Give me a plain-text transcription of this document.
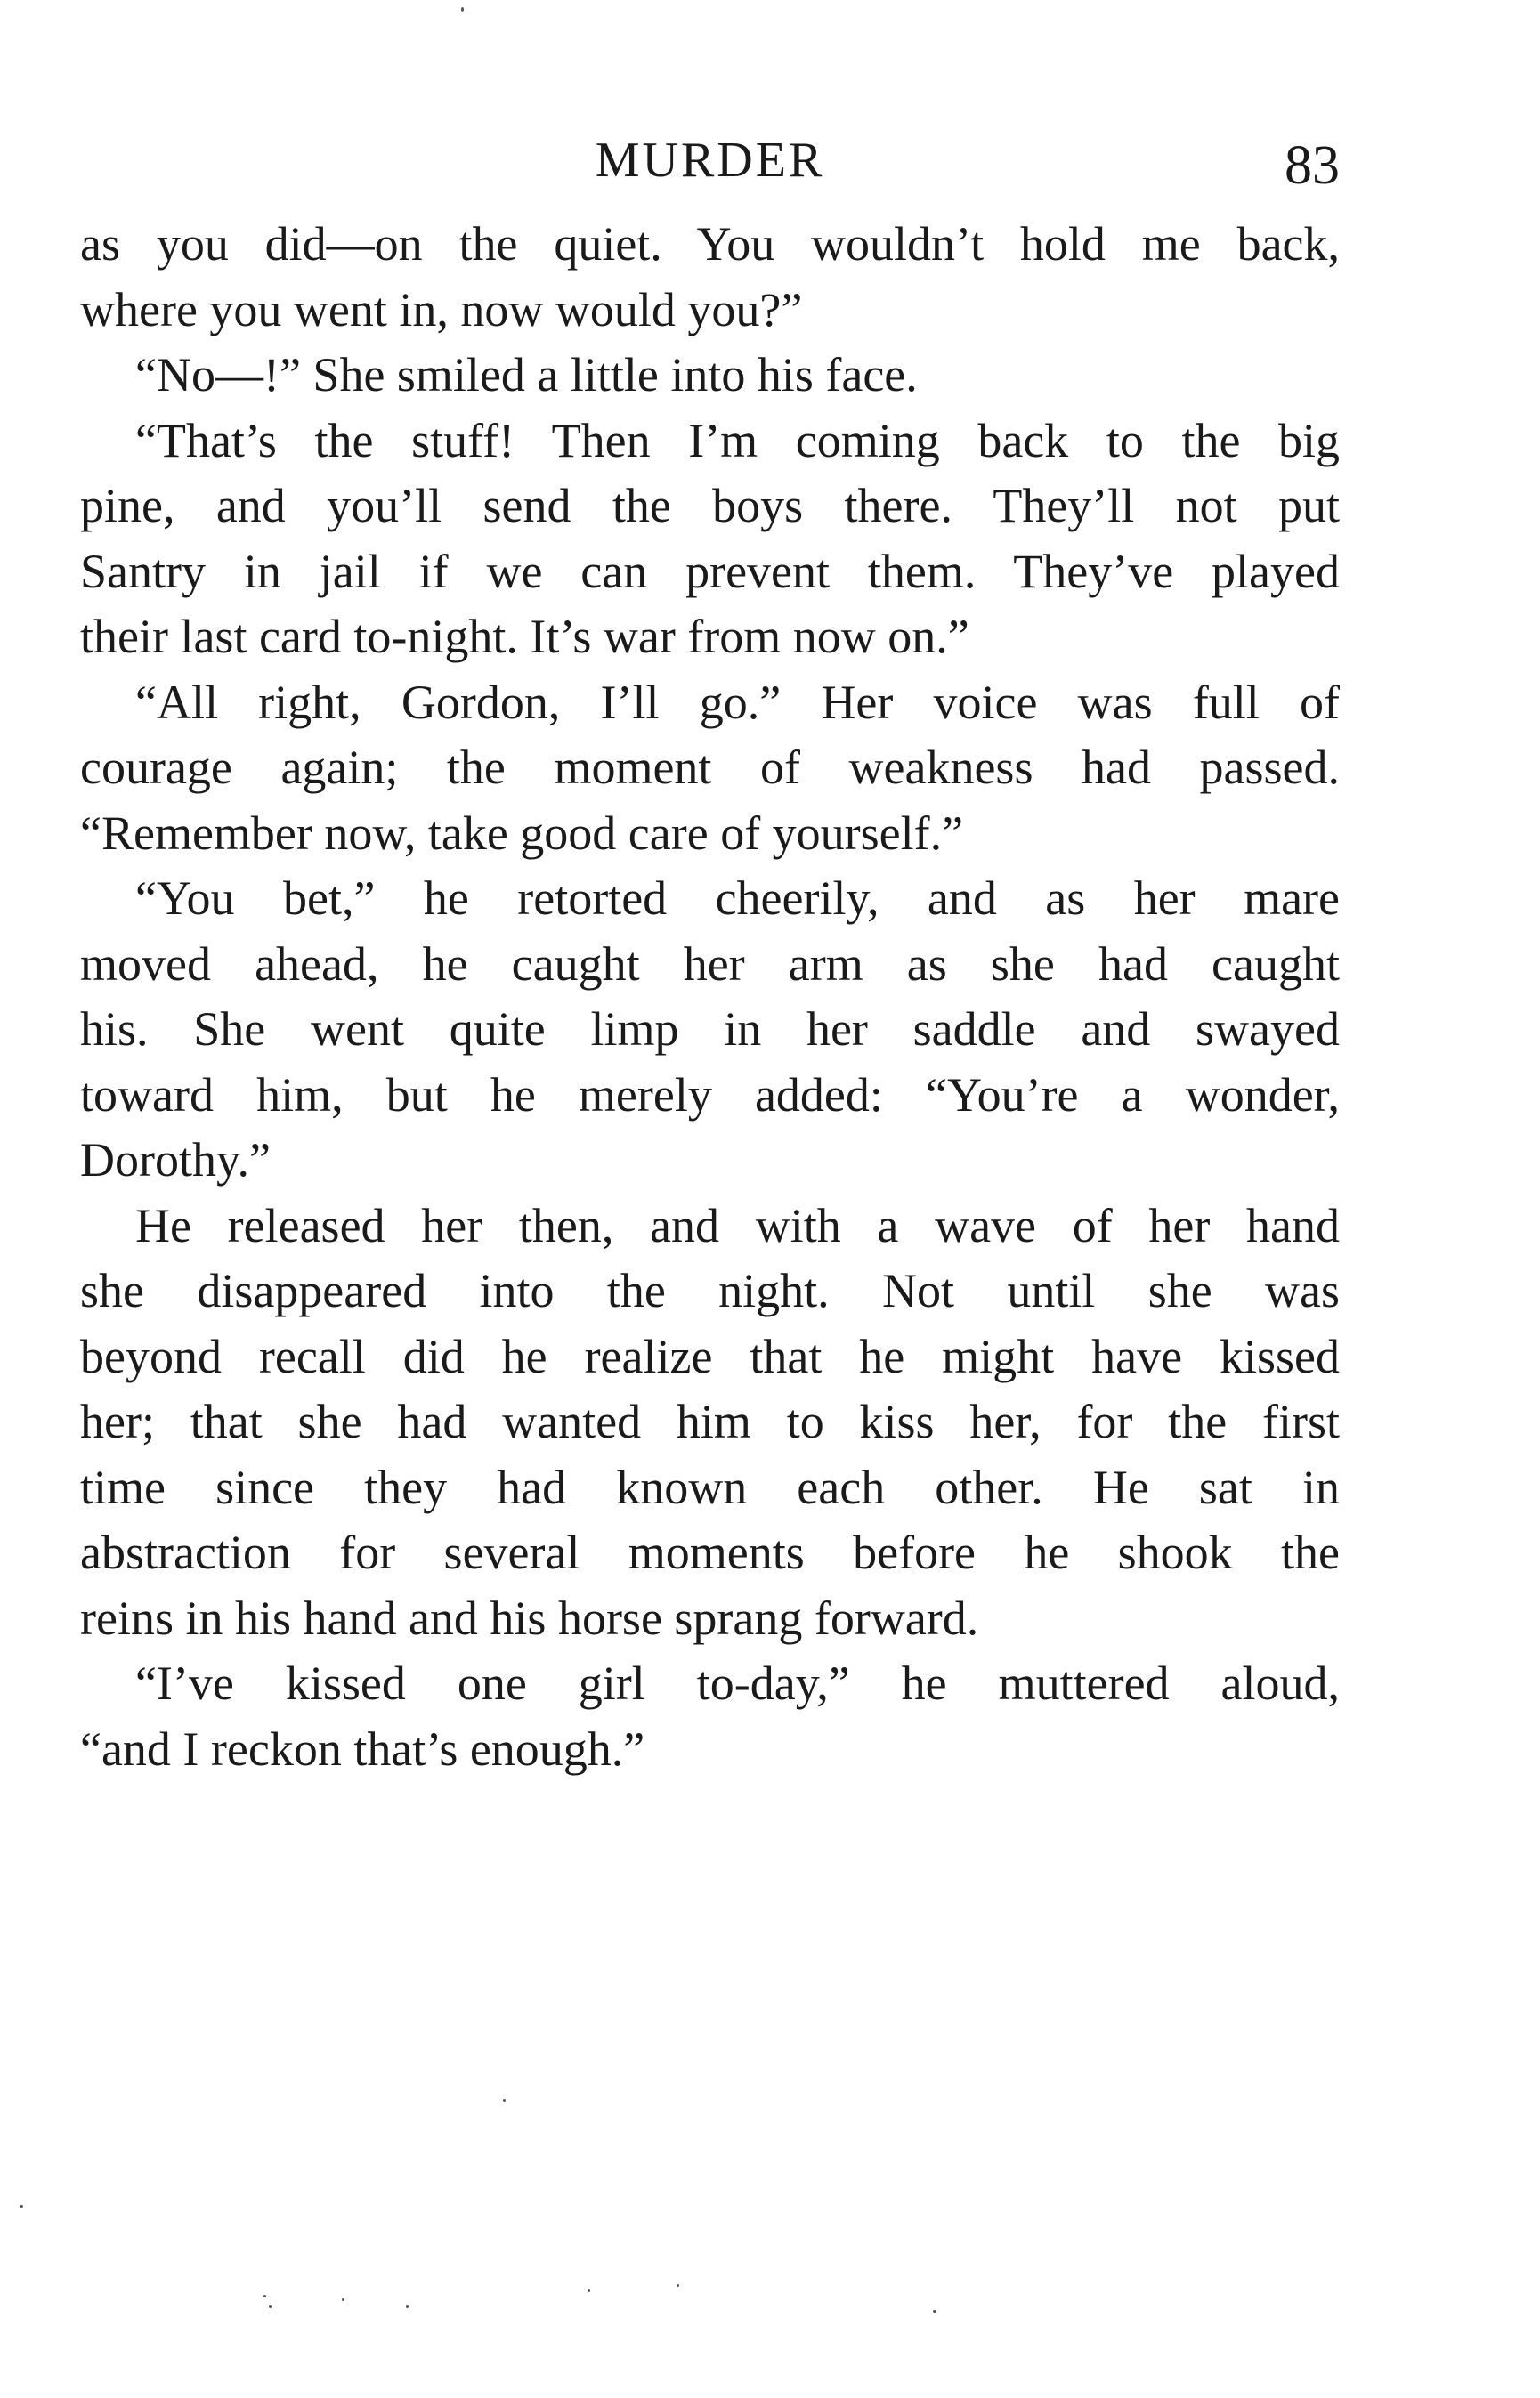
MURDER	83
as you did—on the quiet. You wouldn’t hold me back,
where you went in, now would you?”
“No—!” She smiled a little into his face.
“That’s the stuff! Then I’m coming back to the big
pine, and you’ll send the boys there. They’ll not put
Santry in jail if we can prevent them. They’ve played
their last card to-night. It’s war from now on.”
“All right, Gordon, I’ll go.” Her voice was full of
courage again; the moment of weakness had passed.
“Remember now, take good care of yourself.”
“You bet,” he retorted cheerily, and as her mare
moved ahead, he caught her arm as she had caught
his. She went quite limp in her saddle and swayed
toward him, but he merely added: “You’re a wonder,
Dorothy.”
He released her then, and with a wave of her hand
she disappeared into the night. Not until she was
beyond recall did he realize that he might have kissed
her; that she had wanted him to kiss her, for the first
time since they had known each other. He sat in
abstraction for several moments before he shook the
reins in his hand and his horse sprang forward.
“I’ve kissed one girl to-day,” he muttered aloud,
“and I reckon that’s enough.”
